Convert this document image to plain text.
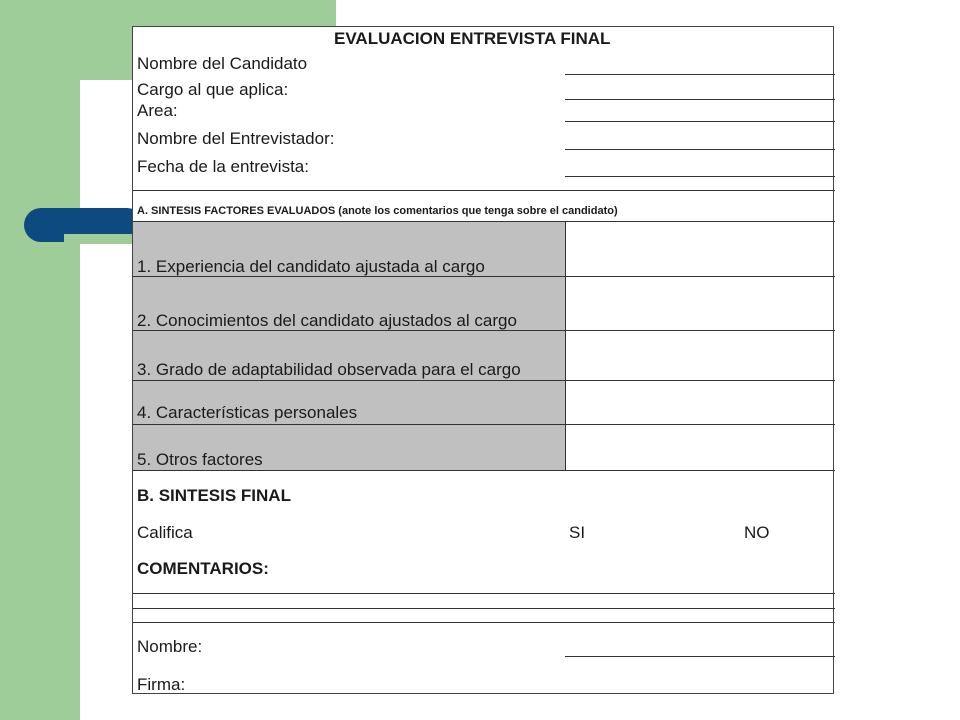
EVALUACION ENTREVISTA FINAL
Nombre del Candidato
Cargo al que aplica:
Area:
Nombre del Entrevistador:
Fecha de la entrevista:
A. SINTESIS FACTORES EVALUADOS (anote los comentarios que tenga sobre el candidato)
1. Experiencia del candidato ajustada al cargo
2. Conocimientos del candidato ajustados al cargo
3. Grado de adaptabilidad observada para el cargo
4. Características personales
5. Otros factores
B. SINTESIS FINAL
Califica	SI	NO
COMENTARIOS:
Nombre:
Firma:
